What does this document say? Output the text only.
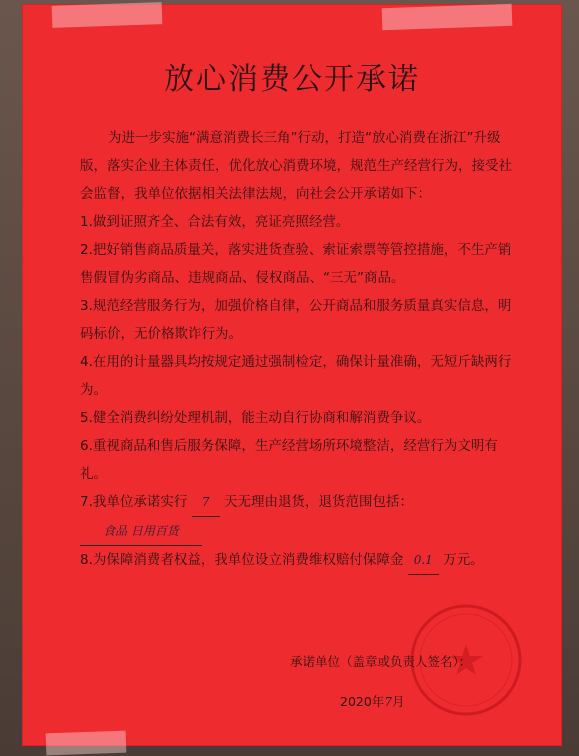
放心消费公开承诺

为进一步实施“满意消费长三角”行动，打造“放心消费在浙江”升级版，落实企业主体责任，优化放心消费环境，规范生产经营行为，接受社会监督，我单位依据相关法律法规，向社会公开承诺如下：

1.做到证照齐全、合法有效，亮证亮照经营。

2.把好销售商品质量关，落实进货查验、索证索票等管控措施，不生产销售假冒伪劣商品、违规商品、侵权商品、“三无”商品。

3.规范经营服务行为，加强价格自律，公开商品和服务质量真实信息，明码标价，无价格欺诈行为。

4.在用的计量器具均按规定通过强制检定，确保计量准确，无短斤缺两行为。

5.健全消费纠纷处理机制，能主动自行协商和解消费争议。

6.重视商品和售后服务保障，生产经营场所环境整洁，经营行为文明有礼。

7.我单位承诺实行 7 天无理由退货，退货范围包括： 食品 日用百货

8.为保障消费者权益，我单位设立消费维权赔付保障金 0.1 万元。

承诺单位（盖章或负责人签名）：
2020年7月
